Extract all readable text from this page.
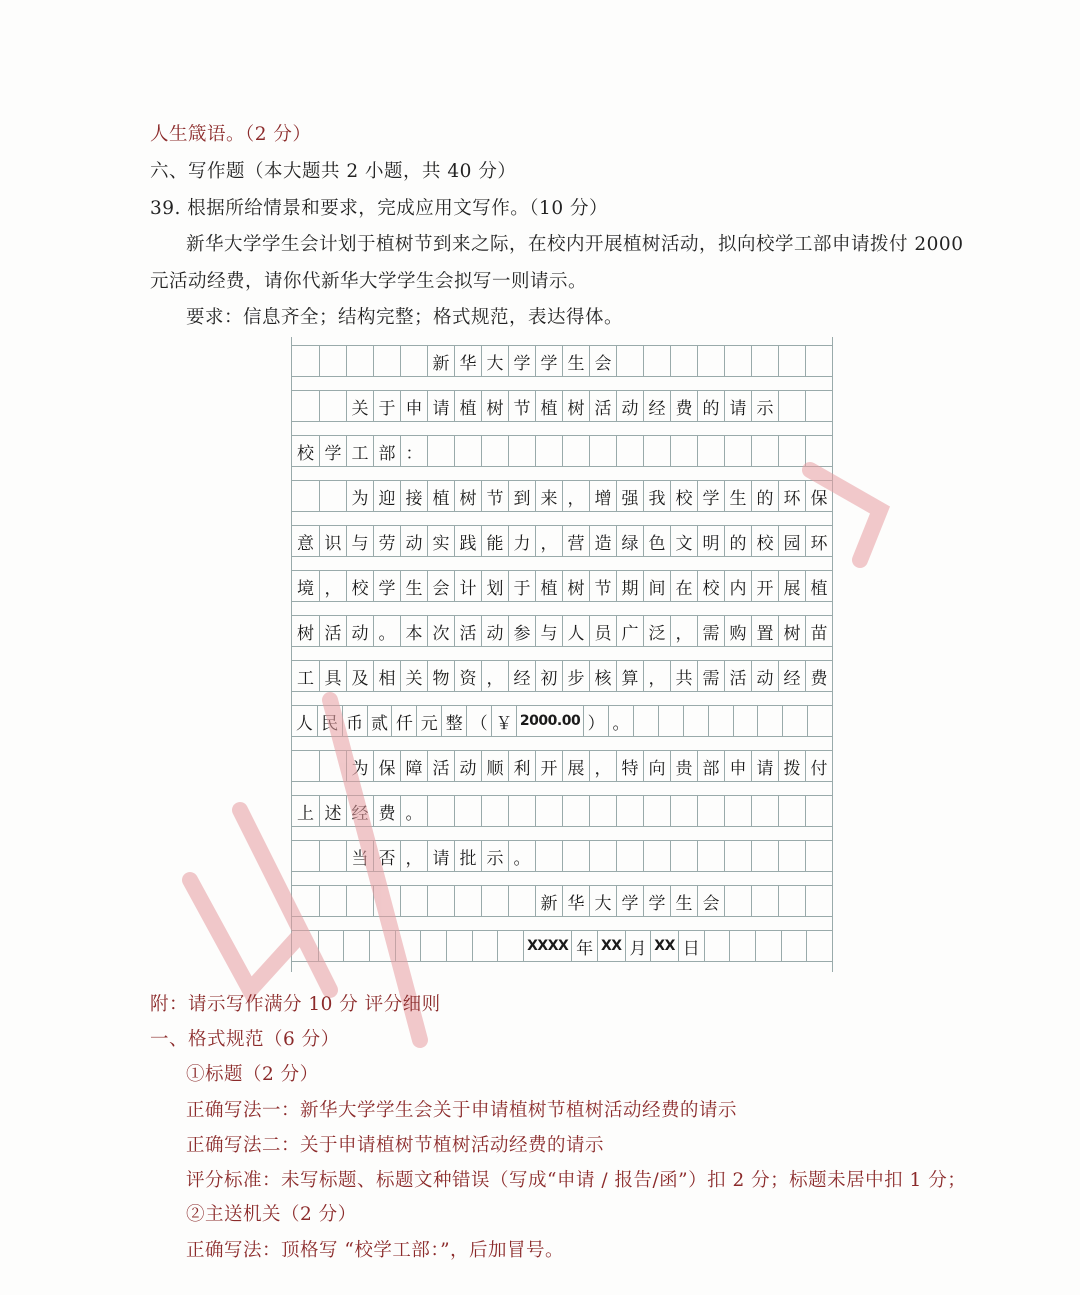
人生箴语。（2 分）
六、写作题（本大题共 2 小题，共 40 分）
39. 根据所给情景和要求，完成应用文写作。（10 分）
新华大学学生会计划于植树节到来之际，在校内开展植树活动，拟向校学工部申请拨付 2000
元活动经费，请你代新华大学学生会拟写一则请示。
要求：信息齐全；结构完整；格式规范，表达得体。
新 华 大 学 学 生 会
关 于 申 请 植 树 节 植 树 活 动 经 费 的 请 示
校 学 工 部 ：
为 迎 接 植 树 节 到 来 ， 增 强 我 校 学 生 的 环 保
意 识 与 劳 动 实 践 能 力 ， 营 造 绿 色 文 明 的 校 园 环
境 ， 校 学 生 会 计 划 于 植 树 节 期 间 在 校 内 开 展 植
树 活 动 。 本 次 活 动 参 与 人 员 广 泛 ， 需 购 置 树 苗
工 具 及 相 关 物 资 ， 经 初 步 核 算 ， 共 需 活 动 经 费
人 民 币 贰 仟 元 整 （ ￥ 2000.00 ） 。
为 保 障 活 动 顺 利 开 展 ， 特 向 贵 部 申 请 拨 付
上 述 经 费 。
当 否 ， 请 批 示 。
新 华 大 学 学 生 会
XXXX 年 XX 月 XX 日
附：请示写作满分 10 分 评分细则
一、格式规范（6 分）
①标题（2 分）
正确写法一：新华大学学生会关于申请植树节植树活动经费的请示
正确写法二：关于申请植树节植树活动经费的请示
评分标准：未写标题、标题文种错误（写成“申请 / 报告/函”）扣 2 分；标题未居中扣 1 分；
②主送机关（2 分）
正确写法：顶格写 “校学工部：”，后加冒号。
